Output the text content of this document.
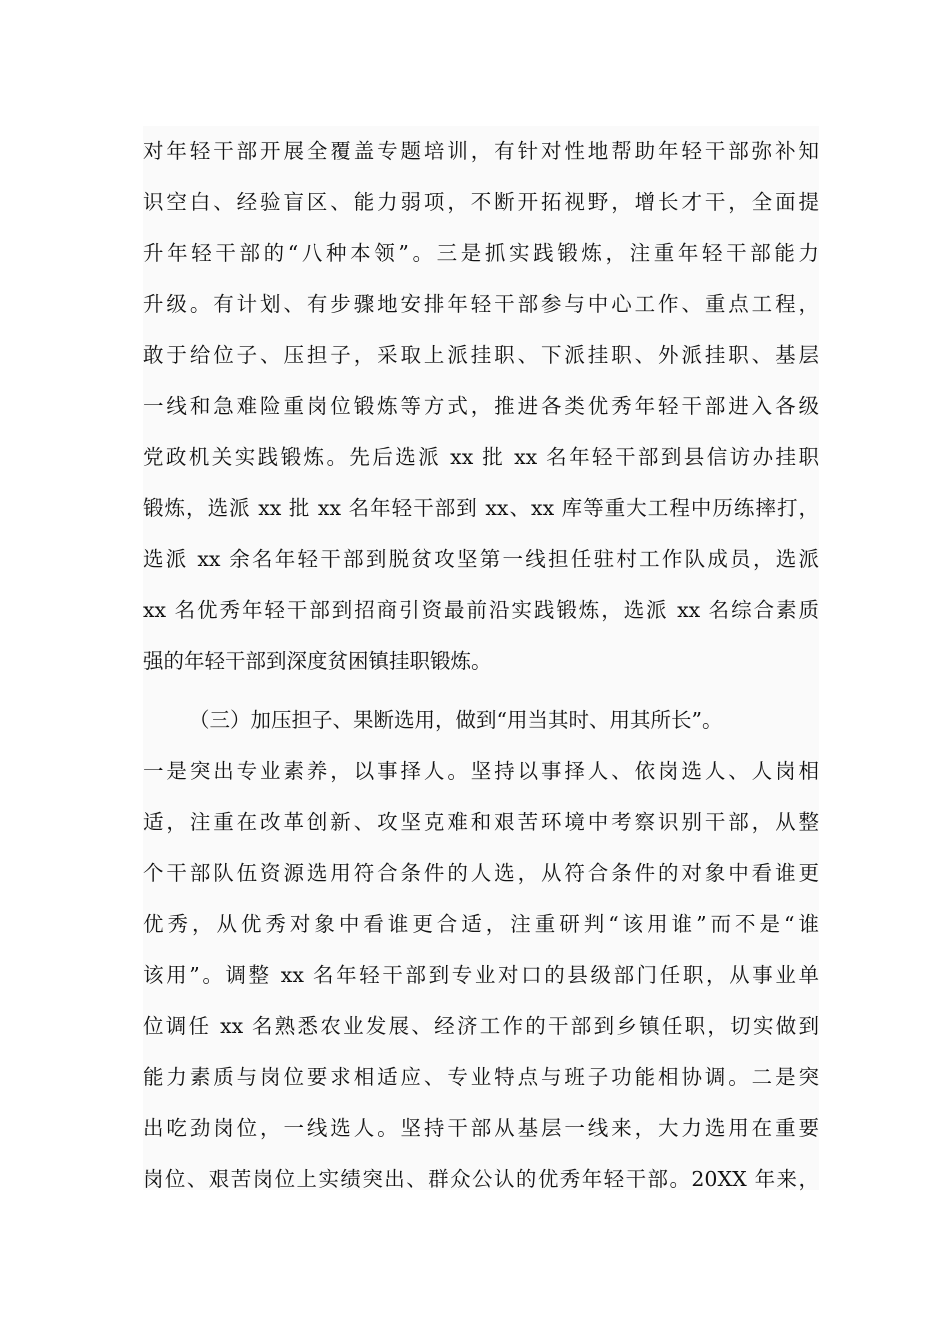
对年轻干部开展全覆盖专题培训，有针对性地帮助年轻干部弥补知
识空白、经验盲区、能力弱项，不断开拓视野，增长才干，全面提
升年轻干部的“八种本领”。三是抓实践锻炼，注重年轻干部能力
升级。有计划、有步骤地安排年轻干部参与中心工作、重点工程，
敢于给位子、压担子，采取上派挂职、下派挂职、外派挂职、基层
一线和急难险重岗位锻炼等方式，推进各类优秀年轻干部进入各级
党政机关实践锻炼。先后选派 xx 批 xx 名年轻干部到县信访办挂职
锻炼，选派 xx 批 xx 名年轻干部到 xx、xx 库等重大工程中历练摔打，
选派 xx 余名年轻干部到脱贫攻坚第一线担任驻村工作队成员，选派
xx 名优秀年轻干部到招商引资最前沿实践锻炼，选派 xx 名综合素质
强的年轻干部到深度贫困镇挂职锻炼。
（三）加压担子、果断选用，做到“用当其时、用其所长”。
一是突出专业素养，以事择人。坚持以事择人、依岗选人、人岗相
适，注重在改革创新、攻坚克难和艰苦环境中考察识别干部，从整
个干部队伍资源选用符合条件的人选，从符合条件的对象中看谁更
优秀，从优秀对象中看谁更合适，注重研判“该用谁”而不是“谁
该用”。调整 xx 名年轻干部到专业对口的县级部门任职，从事业单
位调任 xx 名熟悉农业发展、经济工作的干部到乡镇任职，切实做到
能力素质与岗位要求相适应、专业特点与班子功能相协调。二是突
出吃劲岗位，一线选人。坚持干部从基层一线来，大力选用在重要
岗位、艰苦岗位上实绩突出、群众公认的优秀年轻干部。20XX 年来，
